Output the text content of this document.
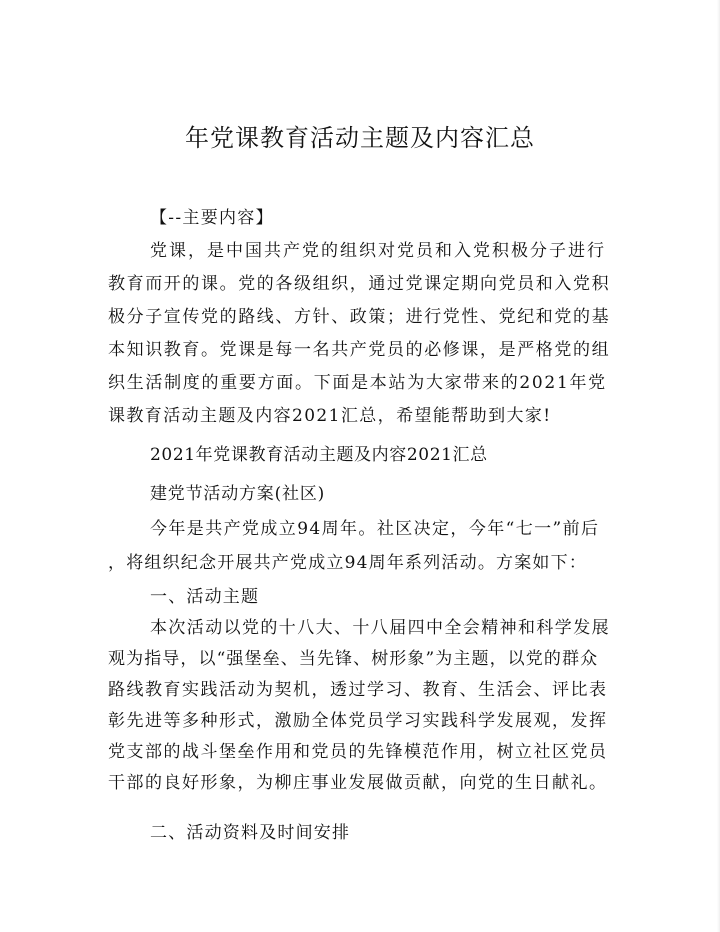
年党课教育活动主题及内容汇总
【--主要内容】
党课，是中国共产党的组织对党员和入党积极分子进行
教育而开的课。党的各级组织，通过党课定期向党员和入党积
极分子宣传党的路线、方针、政策；进行党性、党纪和党的基
本知识教育。党课是每一名共产党员的必修课，是严格党的组
织生活制度的重要方面。下面是本站为大家带来的2021年党
课教育活动主题及内容2021汇总，希望能帮助到大家!
2021年党课教育活动主题及内容2021汇总
建党节活动方案(社区)
今年是共产党成立94周年。社区决定，今年“七一”前后
，将组织纪念开展共产党成立94周年系列活动。方案如下：
一、活动主题
本次活动以党的十八大、十八届四中全会精神和科学发展
观为指导，以“强堡垒、当先锋、树形象”为主题，以党的群众
路线教育实践活动为契机，透过学习、教育、生活会、评比表
彰先进等多种形式，激励全体党员学习实践科学发展观，发挥
党支部的战斗堡垒作用和党员的先锋模范作用，树立社区党员
干部的良好形象，为柳庄事业发展做贡献，向党的生日献礼。
二、活动资料及时间安排
